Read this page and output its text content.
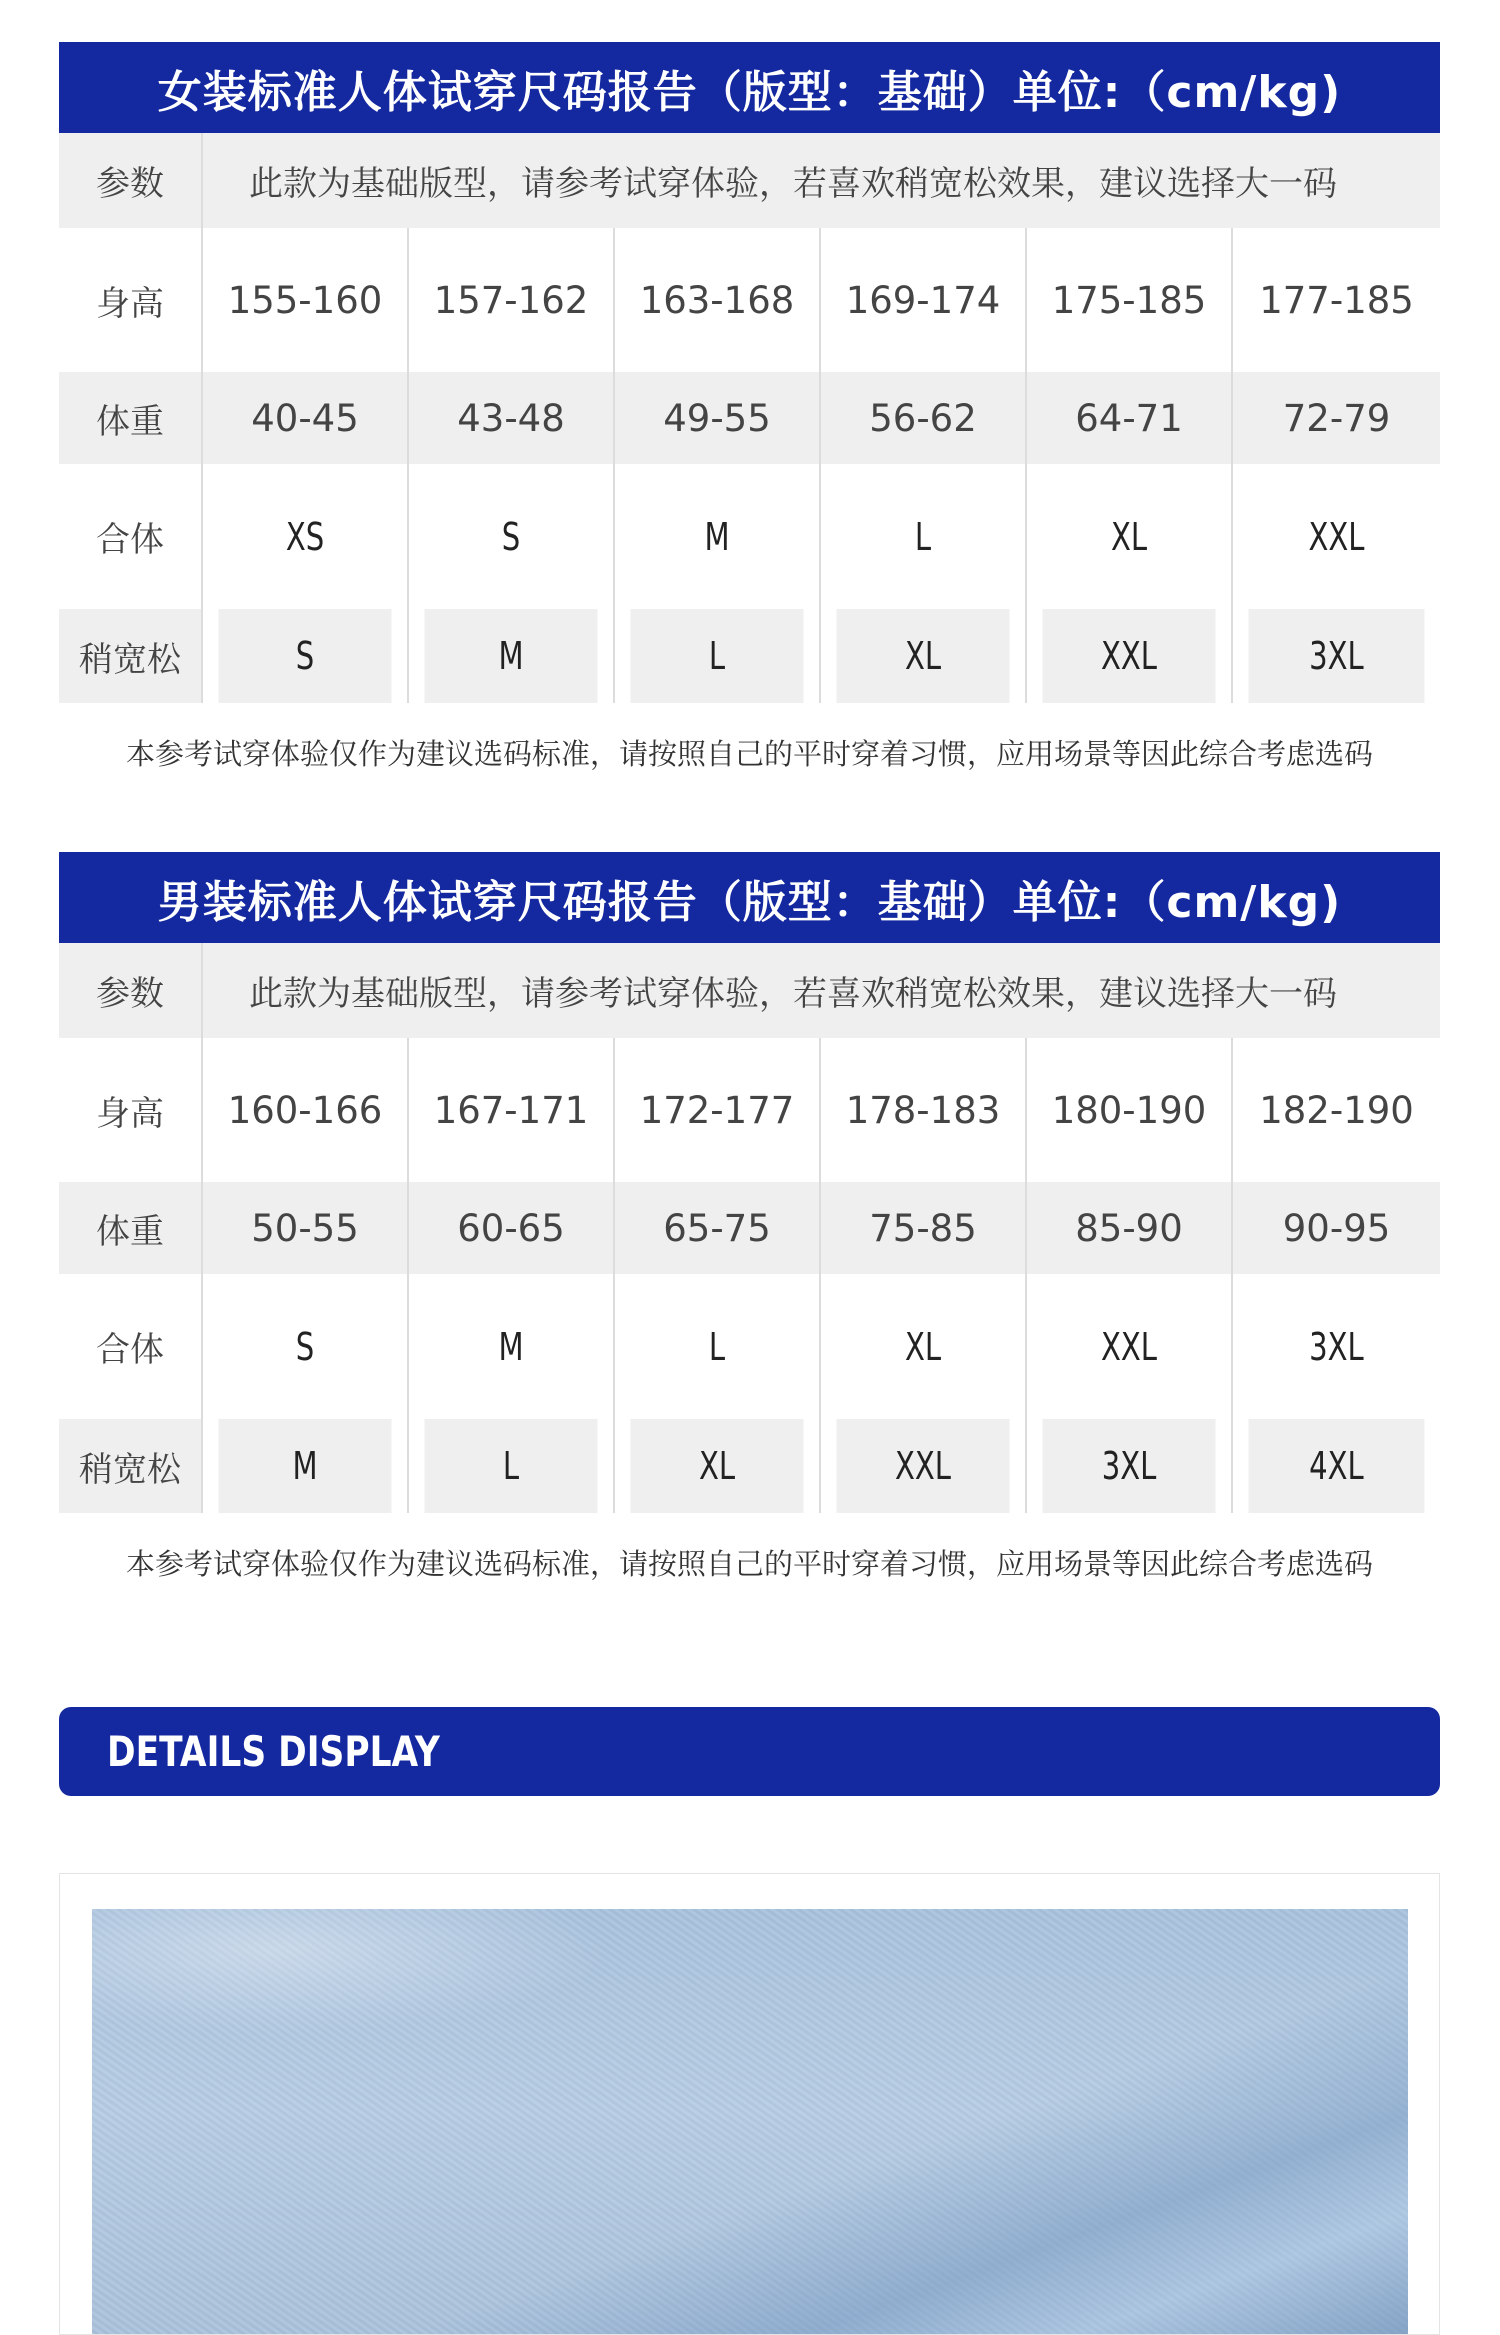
女装标准人体试穿尺码报告（版型：基础）单位:（cm/kg)
参数	此款为基础版型，请参考试穿体验，若喜欢稍宽松效果，建议选择大一码					
身高	155-160	157-162	163-168	169-174	175-185	177-185
体重	40-45	43-48	49-55	56-62	64-71	72-79
合体	XS	S	M	L	XL	XXL
稍宽松	S	M	L	XL	XXL	3XL
本参考试穿体验仅作为建议选码标准，请按照自己的平时穿着习惯，应用场景等因此综合考虑选码
男装标准人体试穿尺码报告（版型：基础）单位:（cm/kg)
参数	此款为基础版型，请参考试穿体验，若喜欢稍宽松效果，建议选择大一码					
身高	160-166	167-171	172-177	178-183	180-190	182-190
体重	50-55	60-65	65-75	75-85	85-90	90-95
合体	S	M	L	XL	XXL	3XL
稍宽松	M	L	XL	XXL	3XL	4XL
本参考试穿体验仅作为建议选码标准，请按照自己的平时穿着习惯，应用场景等因此综合考虑选码
DETAILS DISPLAY
